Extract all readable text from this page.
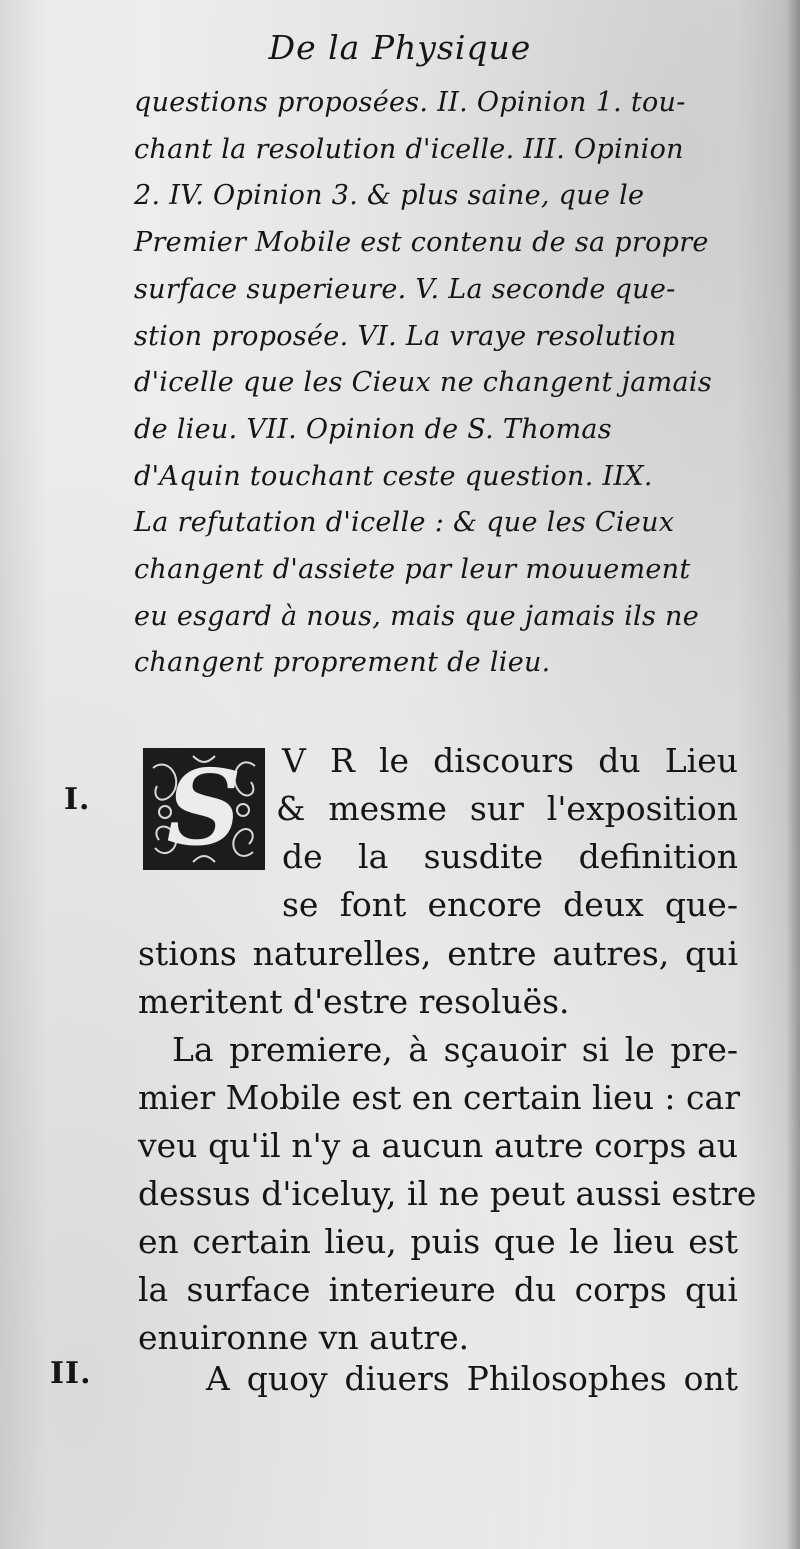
De la Physique
questions proposées. II. Opinion 1. tou-
chant la resolution d'icelle. III. Opinion
2. IV. Opinion 3. & plus saine, que le
Premier Mobile est contenu de sa propre
surface superieure. V. La seconde que-
stion proposée. VI. La vraye resolution
d'icelle que les Cieux ne changent jamais
de lieu. VII. Opinion de S. Thomas
d'Aquin touchant ceste question. IIX.
La refutation d'icelle : & que les Cieux
changent d'assiete par leur mouuement
eu esgard à nous, mais que jamais ils ne
changent proprement de lieu.
I.
II.
S V R le discours du Lieu
& mesme sur l'exposition
de la susdite definition
se font encore deux que-
stions naturelles, entre autres, qui
meritent d'estre resoluës.
La premiere, à sçauoir si le pre-
mier Mobile est en certain lieu : car
veu qu'il n'y a aucun autre corps au
dessus d'iceluy, il ne peut aussi estre
en certain lieu, puis que le lieu est
la surface interieure du corps qui
enuironne vn autre.
A quoy diuers Philosophes ont
